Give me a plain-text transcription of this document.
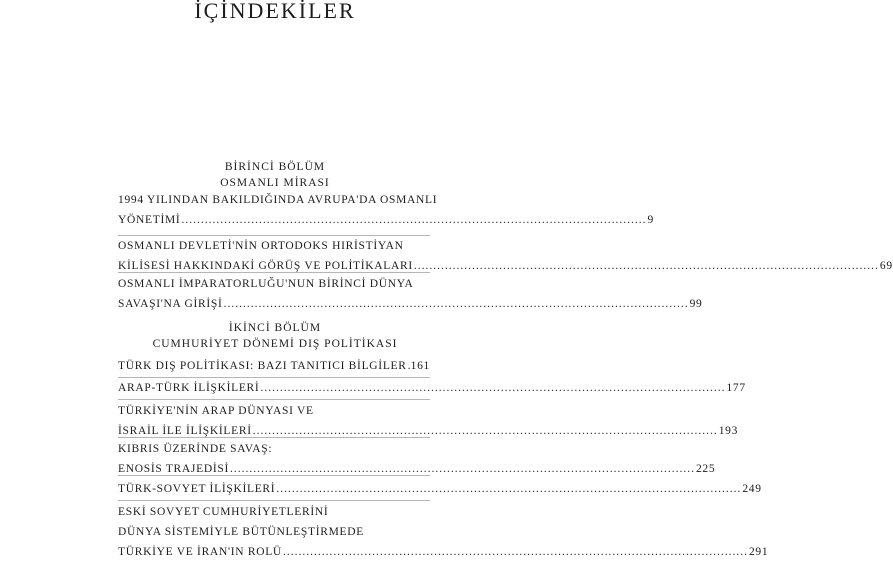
İÇİNDEKİLER
BİRİNCİ BÖLÜM
OSMANLI MİRASI
1994 YILINDAN BAKILDIĞINDA AVRUPA'DA OSMANLI
YÖNETİMİ ........................................................................................................................ 9
OSMANLI DEVLETİ'NİN ORTODOKS HIRİSTİYAN
KİLİSESİ HAKKINDAKİ GÖRÜŞ VE POLİTİKALARI ........................................................................................................................ 69
OSMANLI İMPARATORLUĞU'NUN BİRİNCİ DÜNYA
SAVAŞI'NA GİRİŞİ ........................................................................................................................ 99
İKİNCİ BÖLÜM
CUMHURİYET DÖNEMİ DIŞ POLİTİKASI
TÜRK DIŞ POLİTİKASI: BAZI TANITICI BİLGİLER 161
ARAP-TÜRK İLİŞKİLERİ ........................................................................................................................ 177
TÜRKİYE'NİN ARAP DÜNYASI VE
İSRAİL İLE İLİŞKİLERİ ........................................................................................................................ 193
KIBRIS ÜZERİNDE SAVAŞ:
ENOSİS TRAJEDİSİ ........................................................................................................................ 225
TÜRK-SOVYET İLİŞKİLERİ ........................................................................................................................ 249
ESKİ SOVYET CUMHURİYETLERİNİ
DÜNYA SİSTEMİYLE BÜTÜNLEŞTİRMEDE
TÜRKİYE VE İRAN'IN ROLÜ ........................................................................................................................ 291
